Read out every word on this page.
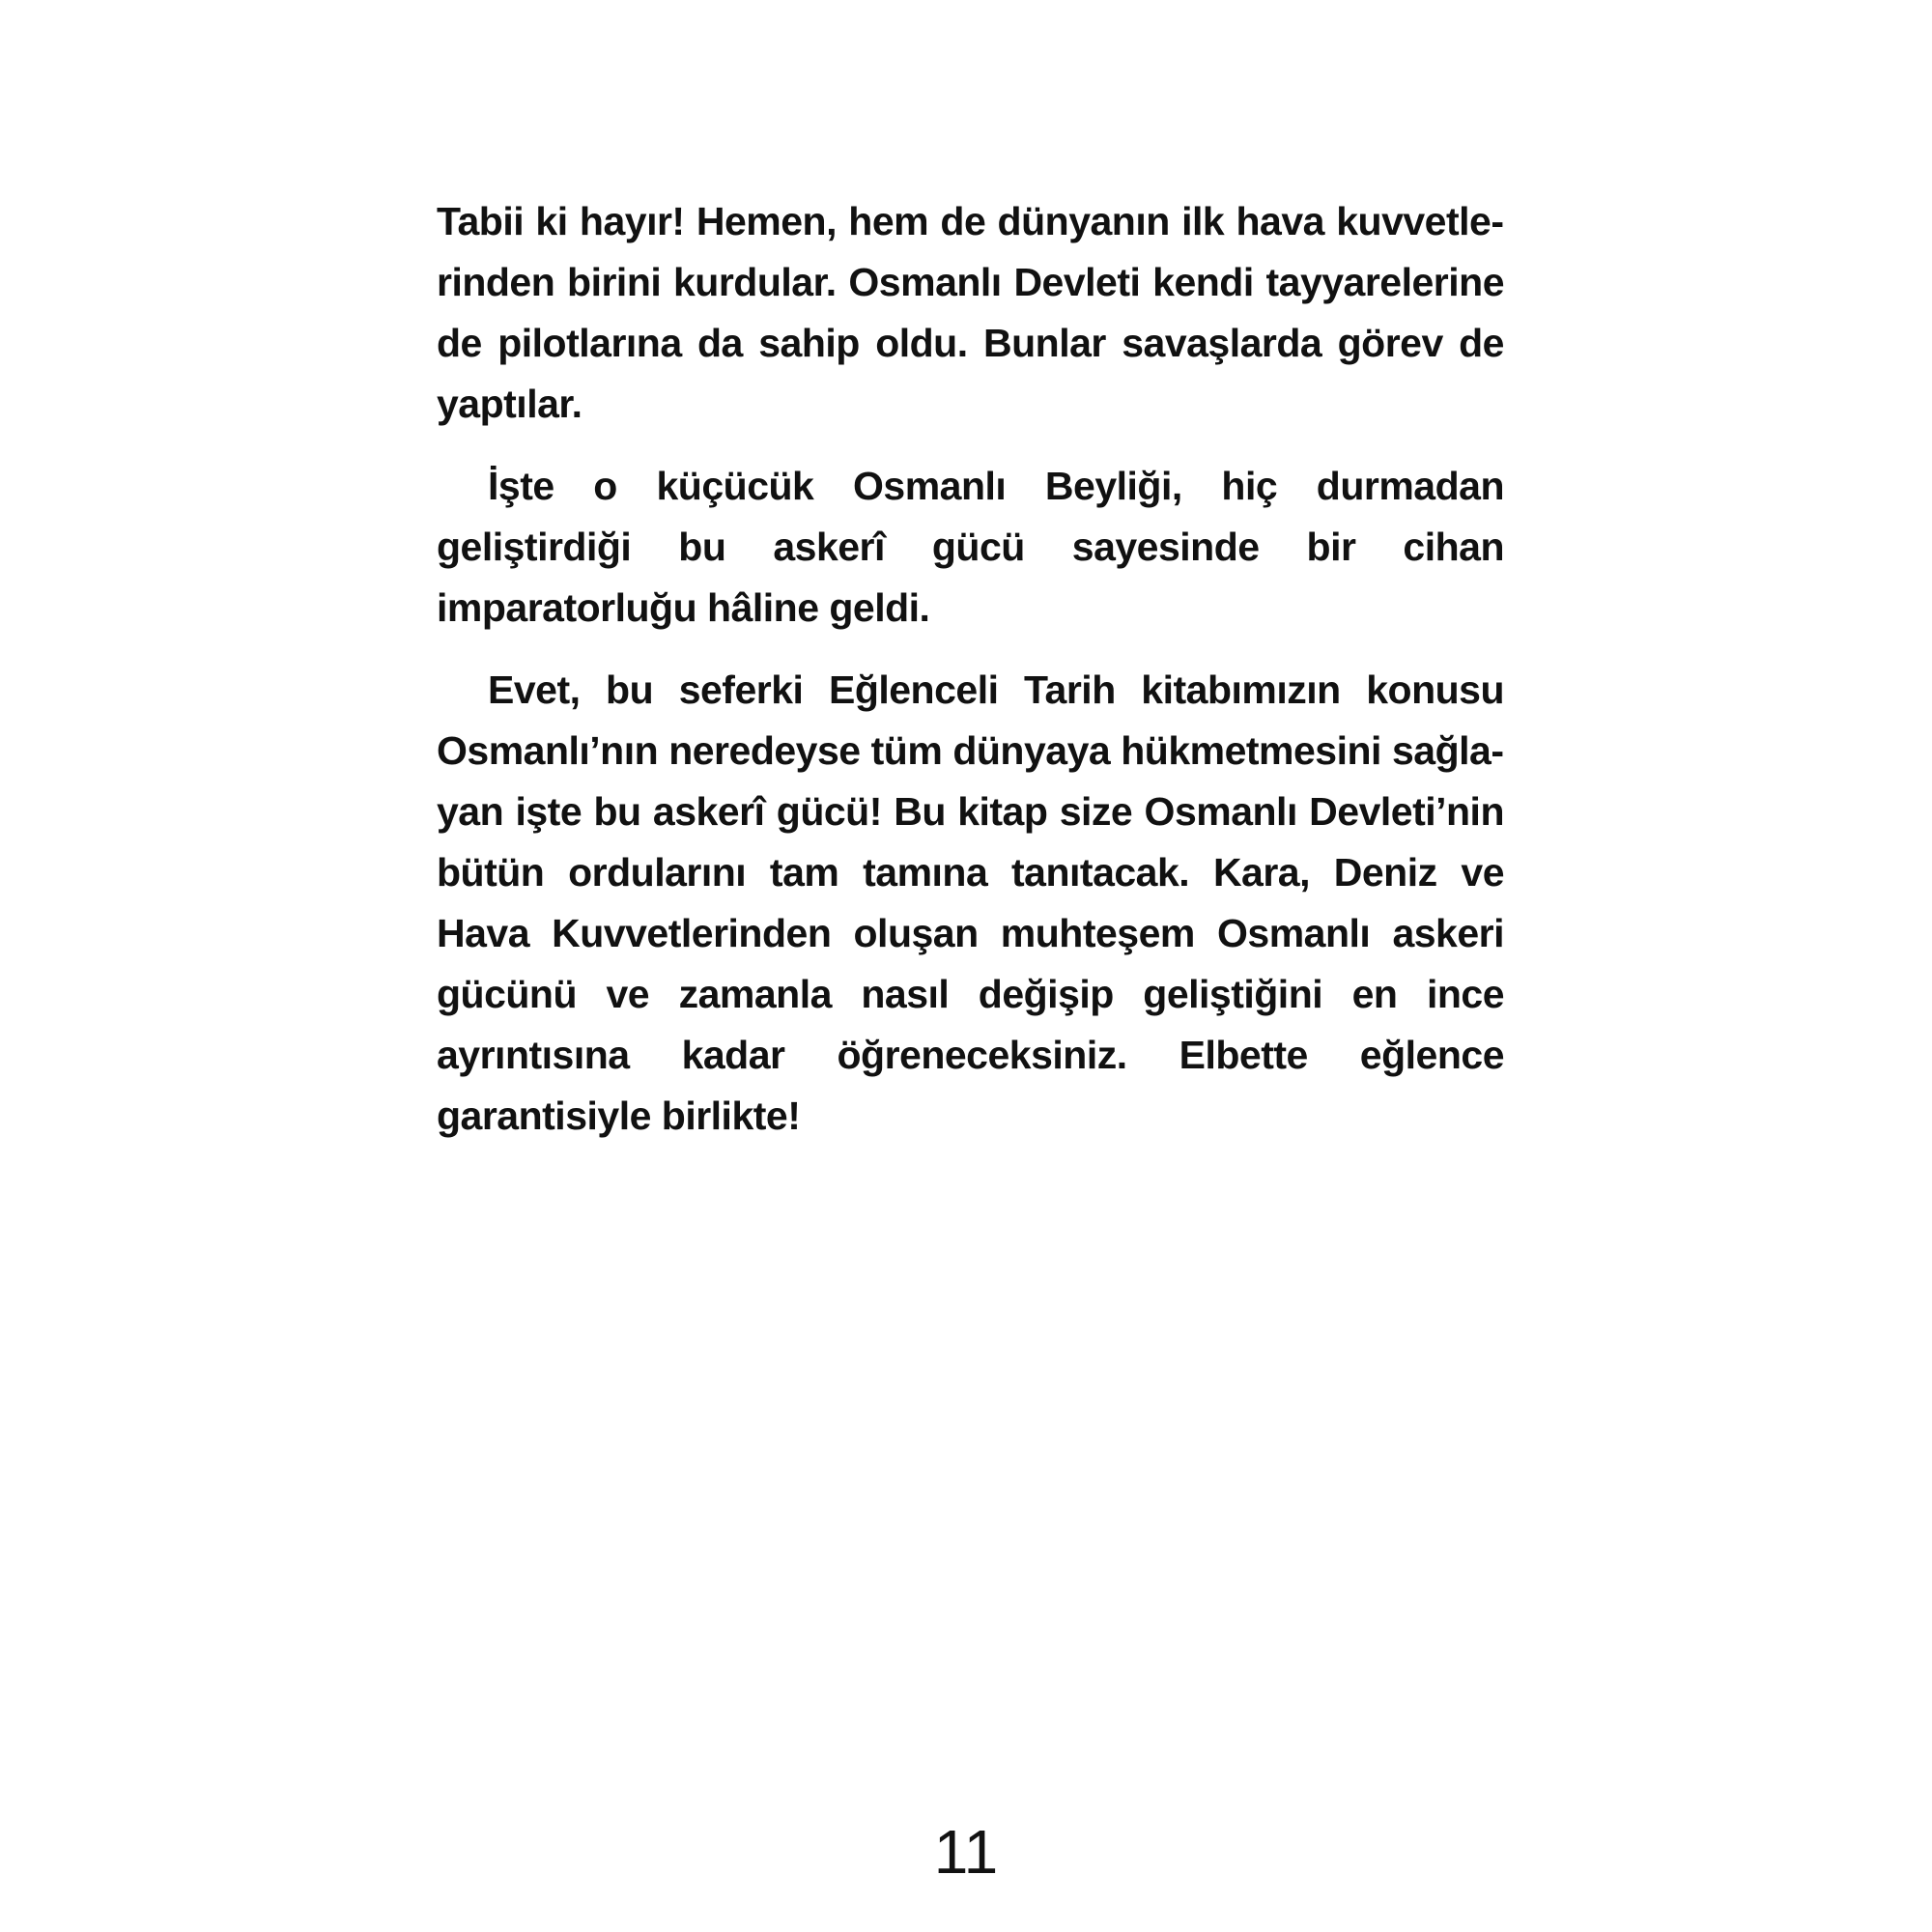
Tabii ki hayır! Hemen, hem de dünyanın ilk hava kuvvetlerinden birini kurdular. Osmanlı Devleti kendi tayyarelerine de pilotlarına da sahip oldu. Bunlar savaşlarda görev de yaptılar.

İşte o küçücük Osmanlı Beyliği, hiç durmadan geliştirdiği bu askerî gücü sayesinde bir cihan imparatorluğu hâline geldi.

Evet, bu seferki Eğlenceli Tarih kitabımızın konusu Osmanlı’nın neredeyse tüm dünyaya hükmetmesini sağlayan işte bu askerî gücü! Bu kitap size Osmanlı Devleti’nin bütün ordularını tam tamına tanıtacak. Kara, Deniz ve Hava Kuvvetlerinden oluşan muhteşem Osmanlı askeri gücünü ve zamanla nasıl değişip geliştiğini en ince ayrıntısına kadar öğreneceksiniz. Elbette eğlence garantisiyle birlikte!

11
